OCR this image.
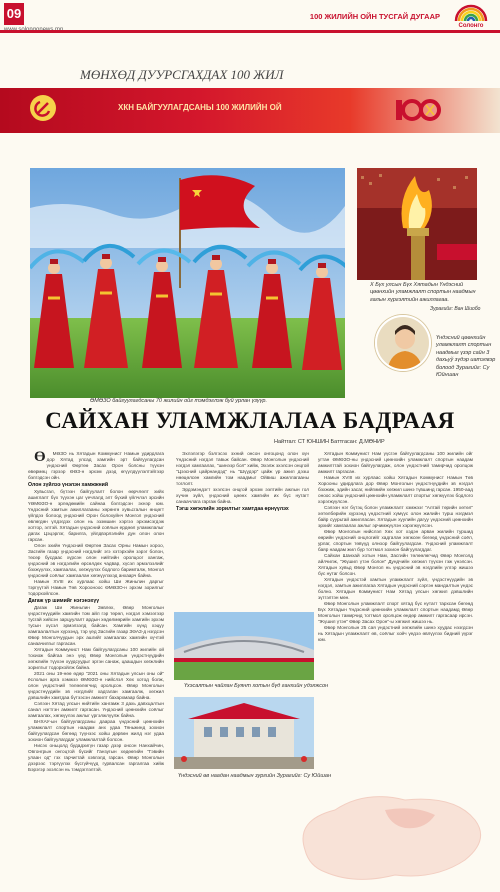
09	100 ЖИЛИЙН ОЙН ТУСГАЙ ДУГААР
Солонго
МӨНХӨД ДУУРСГАХДАХ 100 ЖИЛ
ХКН БАЙГУУЛАГДСАНЫ 100 ЖИЛИЙН ОЙ
ӨМӨЗО байгуулагдсаны 70 жилийн ойг тэмдэглэж буй урлан үзүүр.
Х Бүх улсын Бүх Хятадын Үндэсний цөөнхийн уламжлалт спортын наадмын галын хүргэлтийн ажиллагаа.
Зурагийг: Ван Шиобо
Үндэсний цөөнхийн уламжлалт спортын наадмыг үзэр сайн 3 дахьуў зүдэр иатэлвэр болоод Зурагийг: Су Юйншан
САЙХАН УЛАМЖЛАЛАА БАДРААЯ
Найтгал: СТ ЮНШИН Баттгасан: Д.МӨНИР

Ө МӨЗО нь Хятадын Коммунист Намын удирдлага дор Хятад улсад хамгийн эрт байгуулагдсан үндэсний Өөртөө Засах Орон болсны түүхэн өвөрмөц гэрээр ӨӨЗ-н эрхэм дээд өгүүлдүүлэлтэйгээр бэлгэдсэн ойн.

Олон зүйлээ үнэлэн хамжжний

Хувьсгал, бүтээн байгуулалт болон өөрчлөлт хийх ашиглалт бүх түүхэн цаг үечлалд элт бүхий үйлчлэл эрсийн ҮӨМӨЗО-н эрлөдөмийн сайнаа бэлгэдсэн эхнэр юм. Үндэсний хамтын ажиллагааны хөрөнгө хувьсгалын өнцөгт үйлдээ болоод үндэсний Орон болохуйнч Монгол үндэсний өвлөгдөн үлдэгдэх олон нь эзэмшин хэргээ эрхэмсэгдэж хотгор, элтэй. Хятадын үндэсний соёлын ердөөл уламжлалыг дагах Цэцэрлэг, барилга, үйлдвэрлэлийн дүн олон олон гарсан.

Олон эхийн Үндэсний Өөртөө Засах Орны Намын хороо, Засгийн газар үндэсний нэгдлийг эгэ хэтэрхэйн зэрэг болон, төсөр бусдаас хүрсэн олон нийтийн оролцоог хангаж, үндэсний эв нэгдэлийн өрсөлдөх чадвар, хүсэл эрмэлзэлийг бэхжүүлэх, хамгаалах, хөгжүүлэх бодлого баримталж, Монгол үндэсний соёлыг хамгаалан хөгжүүлэхэд анхаарч байна.

Намын XVIII их хурлаас хойш Ши Жиньпин даргыг тэргүүтэй Намын Төв Хорооноос ӨМӨЗО-н эрхэм зорилгыг тодорхойлсон.

Дагаж үр шимийг нэгэнэхүү

Дагаж Ши Жиньпин Зөвлөх, Өвөр Монголын үндэстнүүдийн хамгийн том айл гэр төрөл, нэгдэл хэмээгээр тусгай хийсэн зарцуулалт ардын хөдөлмөрийн хамгийн эрхэм тусын хүсэл эрмэлзэлд байсан. Хамгийн хүнд хэцүү хамгаалалтын хүрээнд, тэр үед Засгийн газар ЗӨАЗ-д нэгдсэн Өвөр Монголчуудын эрх ашгийг хамгаалах хамгийн хүчтэй санаачилгыг гаргасан.

Хятадын Коммунист Нам байгуулагдсаны 100 жилийн ой тохиож байгаа энэ үед Өвөр Монголын үндэстнүүдийн хөгжлийн түүхэн хуудсуудыг эргэн санаж, цаашдын хөгжлийн зорилгыг тодорхойлж байна.

2021 оны 19-нөө өдөр "2021 оны Хятадын улсын оны ой" ёслолын арга хэмжээ ӨМӨЗО-н нийслэл Хөх хотод болж, олон үндэстний төлөөлөгчид оролцсон. Өвөр Монголын үндэстнүүдийн эв нэгдлийг хадгалан хамгаалж, хөгжил дэвшлийн хамтдаа бүтээсэн амжилт бахархмаар байна.

Сэлээн Хятад улсын нийтийн хангамж 3 дахь давхцалтын санал нэгтгэн амжилт гаргасан. Үндэсний цөөнхийн соёлыг хамгаалах, хөгжүүлэх ажлыг үргэлжлүүлж байна.

БНХАУ-ын байгуулагдсаны даараа үндэсний цөөнхийн уламжлалт спортын наадам анх удаа Тяньжинд зохион байгуулагдсан бөгөөд түүнээс хойш дөрвөн жилд нэг удаа зохион байгуулагддаг уламжлалтай болсон.

Нисэх оньцолд будадхигүн газар дээр онсон Нанхайчин, Овгонгрын онгоцтой бүсийг Ганзугын хөдөөгийн "Гэвийн улаан од" гэх гарчигтай хэвлэлд гарсан. Өвөр Монголын дээрээс тэргүүлэх бүсгүйчүүд гурвалсан гаргалгаа хийж Бэрэгэр эхэлсэн нь тэмдэглэлтэй.

Эхлэлэгэр бэлгэсэх эхний онсон онгоцонд олон хүн Үндэсний нэгдэл тавьж байсан. Өвөр Монголын үндэсний нэгдэл хамгаалах, "шинээр бол" хийж, Эхэлж эхэлсэн онцгой "Цээсний цайрнандэд" нь "Шүүдэр" цайж үр ажил дээш нөөцөлсөн хамгийн том наадмыг Ойвиш ажиллагааны тоглолт.

Эрдэмэндэгт эхэлсэн онцгой эрхэм ээлтийн ажлын гол хүчин зүйл, үндэсний цөөнх хамгийн их бүс нутагт санаачлага гаргаж байна.

Тэгш хөгжлийн зорилтыг хамтдаа өрнүүлэх

Үхэсалтын чайлан Буянт хотын бүд ганхийн удэлжсон
Үндэсний өв наадан наадмын зургийн Зурагийг: Су Юйшан

Хятадын Коммунист Нам үүсгэн байгуулагдсаны 100 жилийн ойг угтан ӨМӨЗО-ны үндэсний цөөнхийн уламжлалт спортын наадам амжилттай зохион байгуулагдаж, олон үндэстний тамирчид оролцож амжилт гаргасан.

Намын XVIII их хурлаас хойш Хятадын Коммунист Намын Төв Хорооны удирдлага дор Өвөр Монголын үндэстнүүдийн эв нэгдэл бэхжиж, эдийн засаг, нийгмийн хөгжил шинэ түвшинд гарсан. 1950-аад оноос хойш үндэсний цөөнхийн уламжлалт спортыг хөгжүүлэх бодлого хэрэгжүүлсэн.

Сэлээн нэг бүтэц болон уламжлалт хэмжээг "Алтай төрийн хөтөл" хөтөлбөрийн хүрээнд үндэстний хүмүүс олон жилийн турш нэгдмэл байр суурьтай ажилласан. Хятадын хуулийн дагуу үндэсний цөөнхийн эрхийг хамгаалах ажлыг эрчимжүүлэн хэрэгжүүлсэн.

Өвөр Монголын нийслэл Хөх хот хэдэн арван жилийн туршид өөрийн үндэсний онцлогийг хадгалан хөгжсөн бөгөөд үндэсний соёл, урлаг, спортын төвүүд олноор байгуулагдсан. Үндэсний уламжлалт баяр наадам жил бүр тогтмол зохион байгуулагддаг.

Сайхан Шанхай хотын Нам, Засгийн төлөөлөгчид Өвөр Монголд айлчилж, "Жүшил үтэн болон" Дундчийн хөгжил түүхэн гэж үнэлсэн. Хятадын хувьд Өвөр Монгол нь үндэсний эв нэгдлийн үлгэр жишээ бүс нутаг болсон.

Хятадын үндэстэй хамтын уламжлалт зүйл, үндэстнүүдийн эв нэгдэл, хамтын ажиллагаа Хятадын үндэсний сэргэн мандалтын үндэс болно. Хятадын Коммунист Нам Хятад улсын хөгжил дэвшлийн зүтгэлтэн мөн.

Өвөр Монголын уламжлалт спорт хятад бүс нутагт тархсан бөгөөд Бүх Хятадын Үндэсний цөөнхийн уламжлалт спортын наадамд Өвөр Монголын тамирчид тогтмол оролцож өндөр амжилт гаргасаар ирсэн. "Жүшил үтэн" Өвөр Засах Орон"-ы хөгжил жишээ нь.

Өвөр Монголын 25 сая үндэстний хөгжлийн шинэ хуудас нээгдсэн нь Хятадын уламжлалт өв, соёлыг хойч үедээ өвлүүлэх бидний үүрэг юм.
